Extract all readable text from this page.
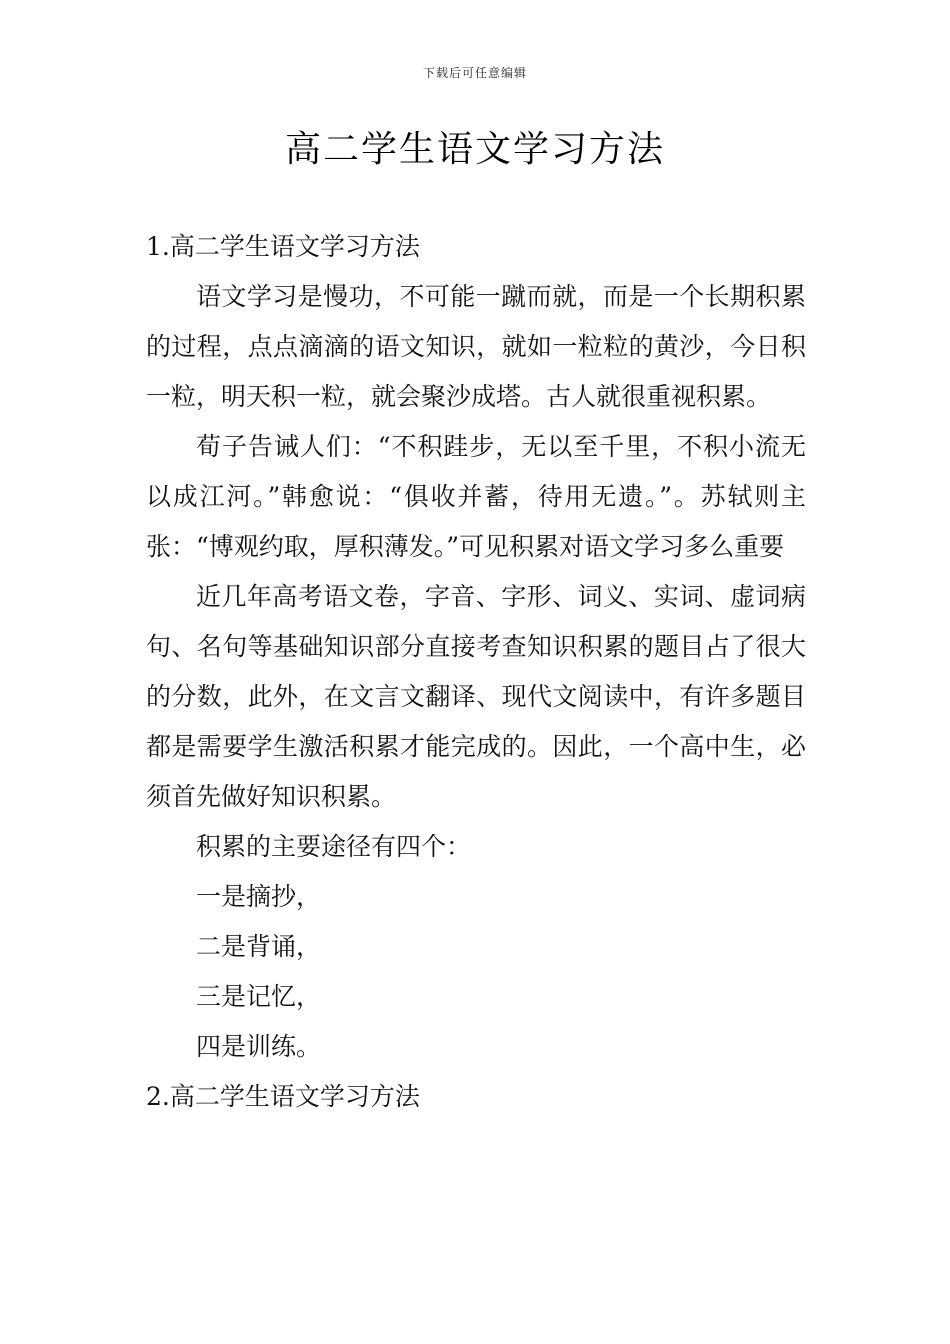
下载后可任意编辑
高二学生语文学习方法

1.高二学生语文学习方法

语文学习是慢功，不可能一蹴而就，而是一个长期积累的过程，点点滴滴的语文知识，就如一粒粒的黄沙，今日积一粒，明天积一粒，就会聚沙成塔。古人就很重视积累。

荀子告诫人们：“不积跬步，无以至千里，不积小流无以成江河。”韩愈说：“俱收并蓄，待用无遗。”。苏轼则主张：“博观约取，厚积薄发。”可见积累对语文学习多么重要

近几年高考语文卷，字音、字形、词义、实词、虚词病句、名句等基础知识部分直接考查知识积累的题目占了很大的分数，此外，在文言文翻译、现代文阅读中，有许多题目都是需要学生激活积累才能完成的。因此，一个高中生，必须首先做好知识积累。

积累的主要途径有四个：

一是摘抄，

二是背诵，

三是记忆，

四是训练。

2.高二学生语文学习方法
